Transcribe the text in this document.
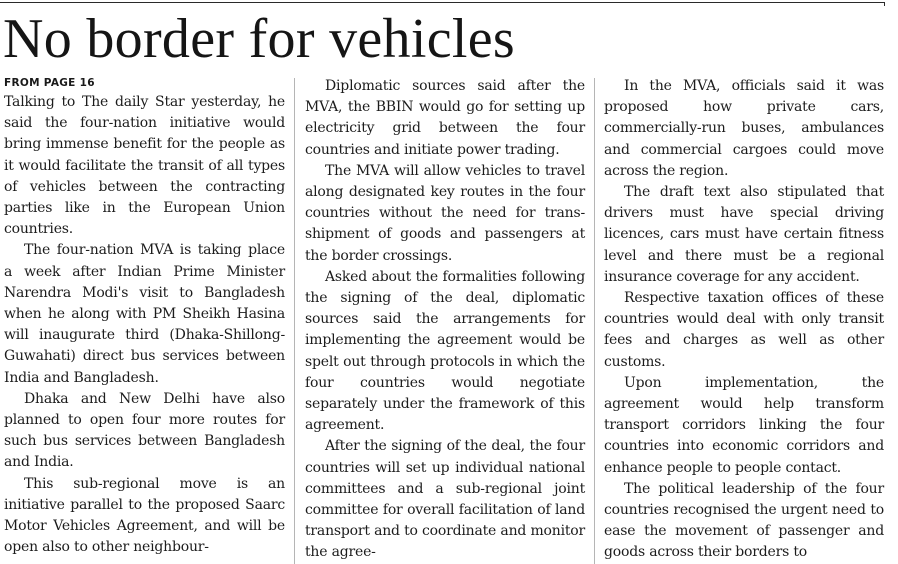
No border for vehicles

FROM PAGE 16

Talking to The daily Star yesterday, he said the four-nation initiative would bring immense benefit for the people as it would facilitate the transit of all types of vehicles between the contracting parties like in the European Union countries.

The four-nation MVA is taking place a week after Indian Prime Minister Narendra Modi's visit to Bangladesh when he along with PM Sheikh Hasina will inaugurate third (Dhaka-Shillong-Guwahati) direct bus services between India and Bangladesh.

Dhaka and New Delhi have also planned to open four more routes for such bus services between Bangladesh and India.

This sub-regional move is an initiative parallel to the proposed Saarc Motor Vehicles Agreement, and will be open also to other neighbour-

Diplomatic sources said after the MVA, the BBIN would go for setting up electricity grid between the four countries and initiate power trading.

The MVA will allow vehicles to travel along designated key routes in the four countries without the need for trans-shipment of goods and passengers at the border crossings.

Asked about the formalities following the signing of the deal, diplomatic sources said the arrangements for implementing the agreement would be spelt out through protocols in which the four countries would negotiate separately under the framework of this agreement.

After the signing of the deal, the four countries will set up individual national committees and a sub-regional joint committee for overall facilitation of land transport and to coordinate and monitor the agree-

In the MVA, officials said it was proposed how private cars, commercially-run buses, ambulances and commercial cargoes could move across the region.

The draft text also stipulated that drivers must have special driving licences, cars must have certain fitness level and there must be a regional insurance coverage for any accident.

Respective taxation offices of these countries would deal with only transit fees and charges as well as other customs.

Upon implementation, the agreement would help transform transport corridors linking the four countries into economic corridors and enhance people to people contact.

The political leadership of the four countries recognised the urgent need to ease the movement of passenger and goods across their borders to
